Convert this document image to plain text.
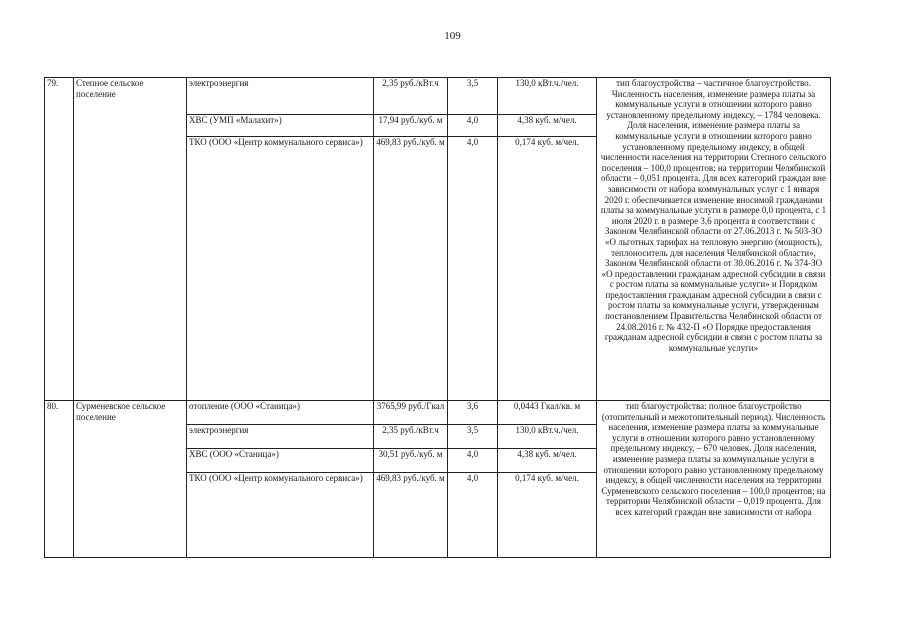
109
79.	Степное сельское поселение	электроэнергия	2,35 руб./кВт.ч	3,5	130,0 кВт.ч./чел.	тип благоустройства – частичное благоустройство. Численность населения, изменение размера платы за коммунальные услуги в отношении которого равно установленному предельному индексу, – 1784 человека. Доля населения, изменение размера платы за коммунальные услуги в отношении которого равно установленному предельному индексу, в общей численности населения на территории Степного сельского поселения – 100,0 процентов; на территории Челябинской области – 0,051 процента. Для всех категорий граждан вне зависимости от набора коммунальных услуг с 1 января 2020 г. обеспечивается изменение вносимой гражданами платы за коммунальные услуги в размере 0,0 процента, с 1 июля 2020 г. в размере 3,6 процента в соответствии с Законом Челябинской области от 27.06.2013 г. № 503-ЗО «О льготных тарифах на тепловую энергию (мощность), теплоноситель для населения Челябинской области», Законом Челябинской области от 30.06.2016 г. № 374-ЗО «О предоставлении гражданам адресной субсидии в связи с ростом платы за коммунальные услуги» и Порядком предоставления гражданам адресной субсидии в связи с ростом платы за коммунальные услуги, утвержденным постановлением Правительства Челябинской области от 24.08.2016 г. № 432-П «О Порядке предоставления гражданам адресной субсидии в связи с ростом платы за коммунальные услуги»
		ХВС (УМП «Малахит»)	17,94 руб./куб. м	4,0	4,38 куб. м/чел.	
		ТКО (ООО «Центр коммунального сервиса»)	469,83 руб./куб. м	4,0	0,174 куб. м/чел.	
80.	Сурменевское сельское поселение	отопление (ООО «Станица»)	3765,99 руб./Гкал	3,6	0,0443 Гкал/кв. м	тип благоустройства: полное благоустройство (отопительный и межотопительный период). Численность населения, изменение размера платы за коммунальные услуги в отношении которого равно установленному предельному индексу, – 670 человек. Доля населения, изменение размера платы за коммунальные услуги в отношении которого равно установленному предельному индексу, в общей численности населения на территории Сурменевского сельского поселения – 100,0 процентов; на территории Челябинской области – 0,019 процента. Для всех категорий граждан вне зависимости от набора
		электроэнергия	2,35 руб./кВт.ч	3,5	130,0 кВт.ч./чел.	
		ХВС (ООО «Станица»)	30,51 руб./куб. м	4,0	4,38 куб. м/чел.	
		ТКО (ООО «Центр коммунального сервиса»)	469,83 руб./куб. м	4,0	0,174 куб. м/чел.	
